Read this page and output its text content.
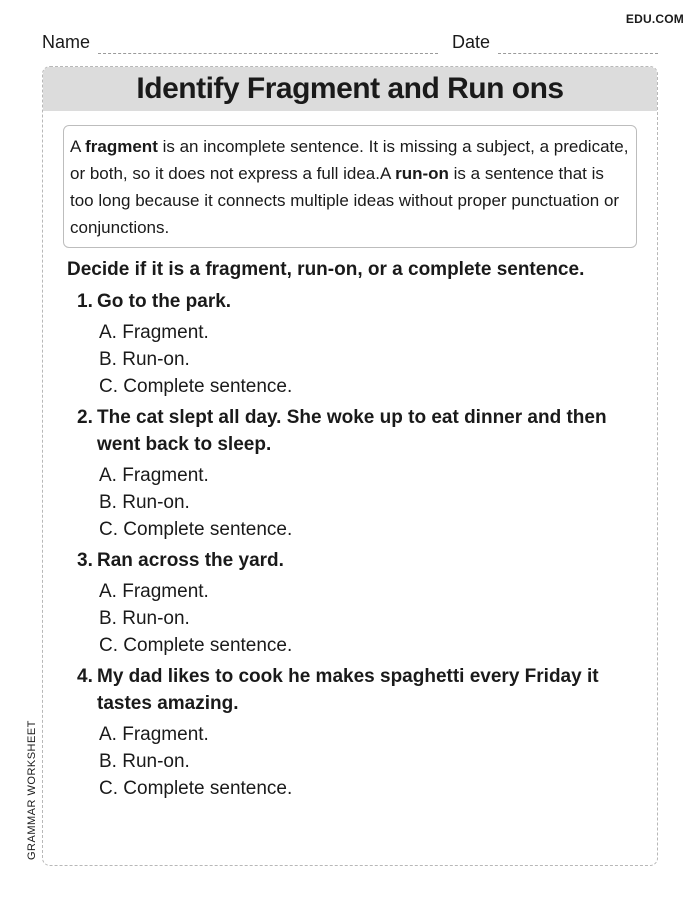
EDU.COM
Name	Date
Identify Fragment and Run ons
A fragment is an incomplete sentence. It is missing a subject, a predicate, or both, so it does not express a full idea.A run-on is a sentence that is too long because it connects multiple ideas without proper punctuation or conjunctions.
Decide if it is a fragment, run-on, or a complete sentence.
1. Go to the park.
A. Fragment.
B. Run-on.
C. Complete sentence.
2. The cat slept all day. She woke up to eat dinner and then went back to sleep.
A. Fragment.
B. Run-on.
C. Complete sentence.
3. Ran across the yard.
A. Fragment.
B. Run-on.
C. Complete sentence.
4. My dad likes to cook he makes spaghetti every Friday it tastes amazing.
A. Fragment.
B. Run-on.
C. Complete sentence.
GRAMMAR WORKSHEET
